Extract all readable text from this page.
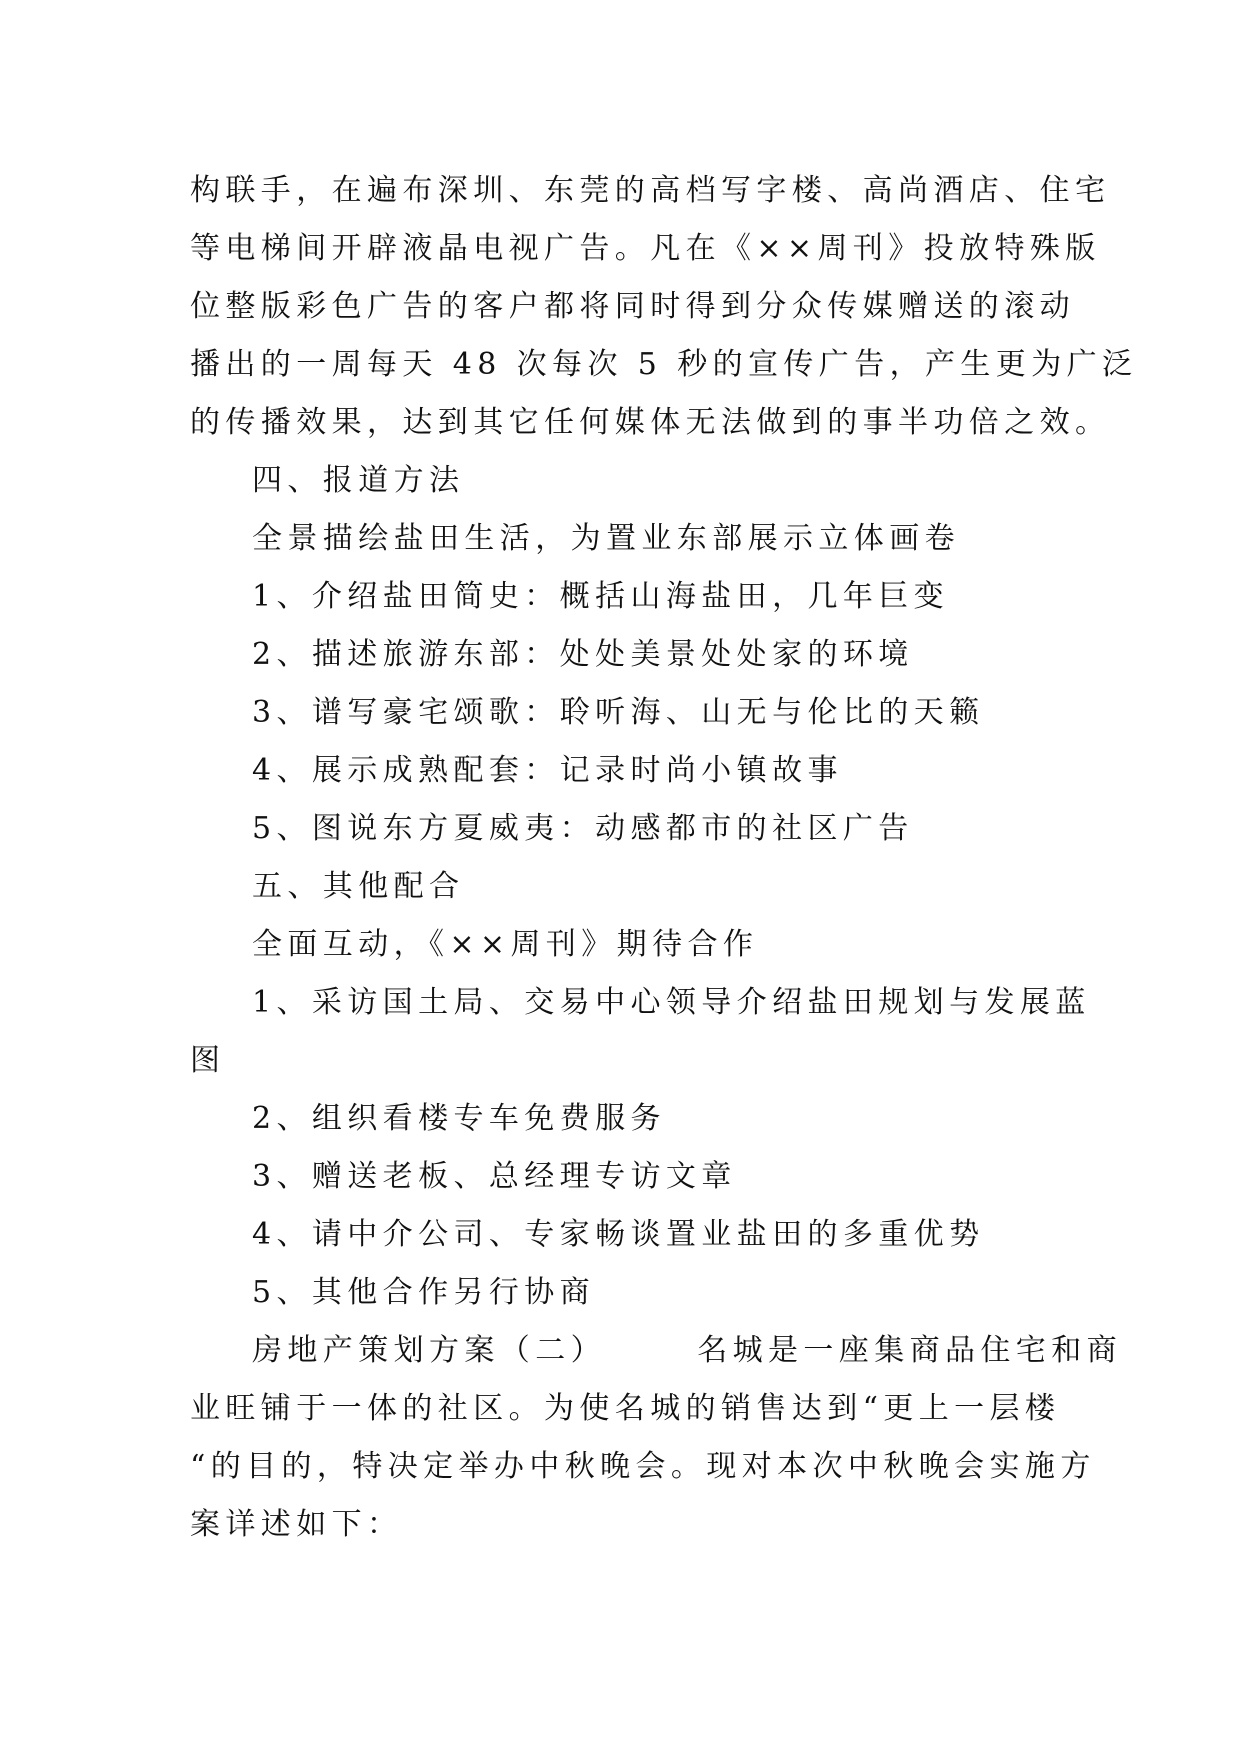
构联手，在遍布深圳、东莞的高档写字楼、高尚酒店、住宅
等电梯间开辟液晶电视广告。凡在《××周刊》投放特殊版
位整版彩色广告的客户都将同时得到分众传媒赠送的滚动
播出的一周每天 48 次每次 5 秒的宣传广告，产生更为广泛
的传播效果，达到其它任何媒体无法做到的事半功倍之效。
四、报道方法
全景描绘盐田生活，为置业东部展示立体画卷
1、介绍盐田简史：概括山海盐田，几年巨变
2、描述旅游东部：处处美景处处家的环境
3、谱写豪宅颂歌：聆听海、山无与伦比的天籁
4、展示成熟配套：记录时尚小镇故事
5、图说东方夏威夷：动感都市的社区广告
五、其他配合
全面互动，《××周刊》期待合作
1、采访国土局、交易中心领导介绍盐田规划与发展蓝
图
2、组织看楼专车免费服务
3、赠送老板、总经理专访文章
4、请中介公司、专家畅谈置业盐田的多重优势
5、其他合作另行协商
房地产策划方案（二）　　　名城是一座集商品住宅和商
业旺铺于一体的社区。为使名城的销售达到“更上一层楼
“的目的，特决定举办中秋晚会。现对本次中秋晚会实施方
案详述如下：
